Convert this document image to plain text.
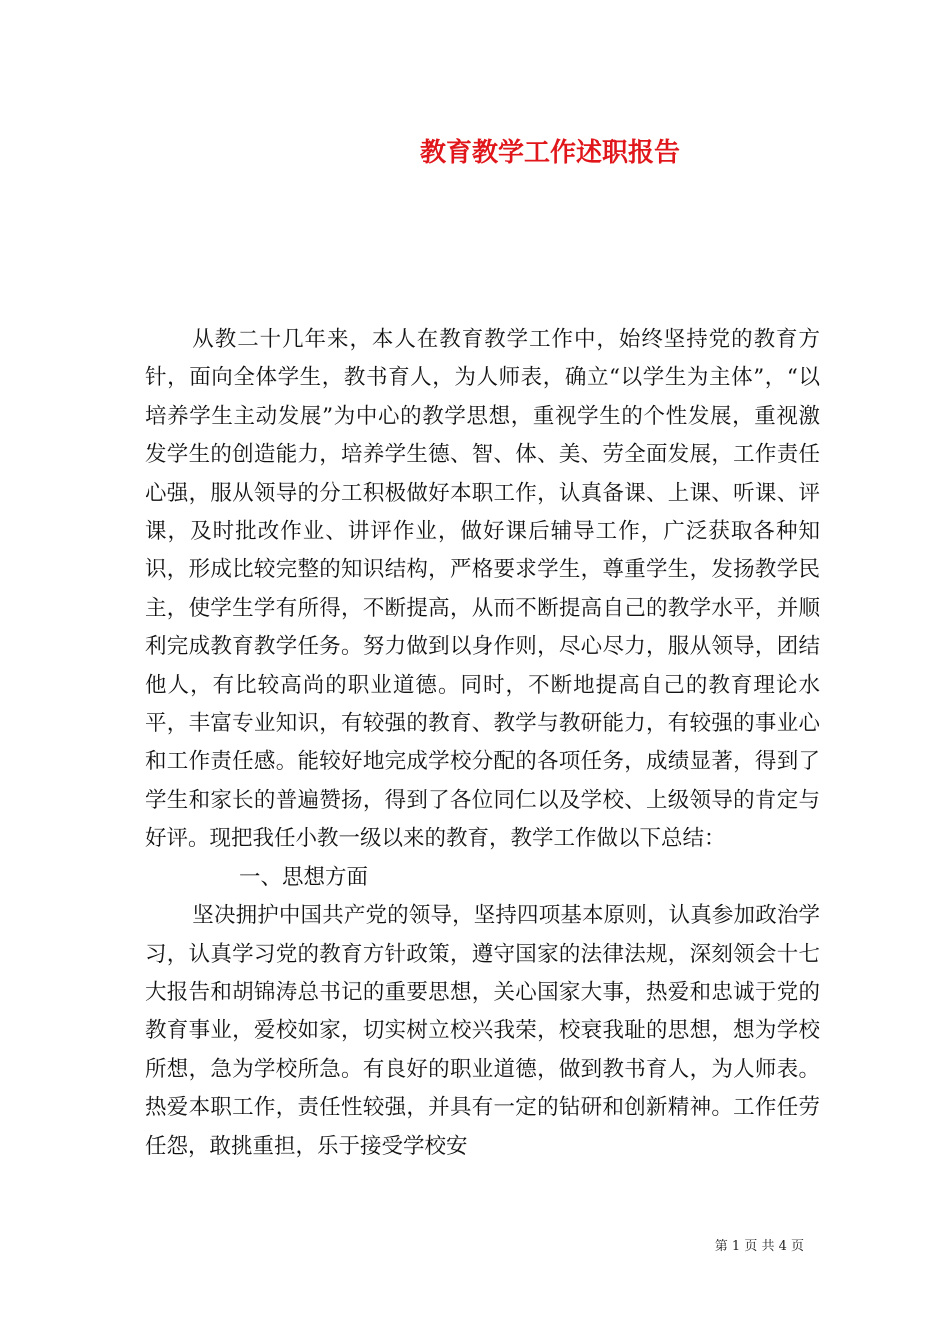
教育教学工作述职报告

从教二十几年来，本人在教育教学工作中，始终坚持党的教育方针，面向全体学生，教书育人，为人师表，确立“以学生为主体”，“以培养学生主动发展”为中心的教学思想，重视学生的个性发展，重视激发学生的创造能力，培养学生德、智、体、美、劳全面发展，工作责任心强，服从领导的分工积极做好本职工作，认真备课、上课、听课、评课，及时批改作业、讲评作业，做好课后辅导工作，广泛获取各种知识，形成比较完整的知识结构，严格要求学生，尊重学生，发扬教学民主，使学生学有所得，不断提高，从而不断提高自己的教学水平，并顺利完成教育教学任务。努力做到以身作则，尽心尽力，服从领导，团结他人，有比较高尚的职业道德。同时，不断地提高自己的教育理论水平，丰富专业知识，有较强的教育、教学与教研能力，有较强的事业心和工作责任感。能较好地完成学校分配的各项任务，成绩显著，得到了学生和家长的普遍赞扬，得到了各位同仁以及学校、上级领导的肯定与好评。现把我任小教一级以来的教育，教学工作做以下总结：

一、思想方面

坚决拥护中国共产党的领导，坚持四项基本原则，认真参加政治学习，认真学习党的教育方针政策，遵守国家的法律法规，深刻领会十七大报告和胡锦涛总书记的重要思想，关心国家大事，热爱和忠诚于党的教育事业，爱校如家，切实树立校兴我荣，校衰我耻的思想，想为学校所想，急为学校所急。有良好的职业道德，做到教书育人，为人师表。热爱本职工作，责任性较强，并具有一定的钻研和创新精神。工作任劳任怨，敢挑重担，乐于接受学校安

第 1 页 共 4 页
